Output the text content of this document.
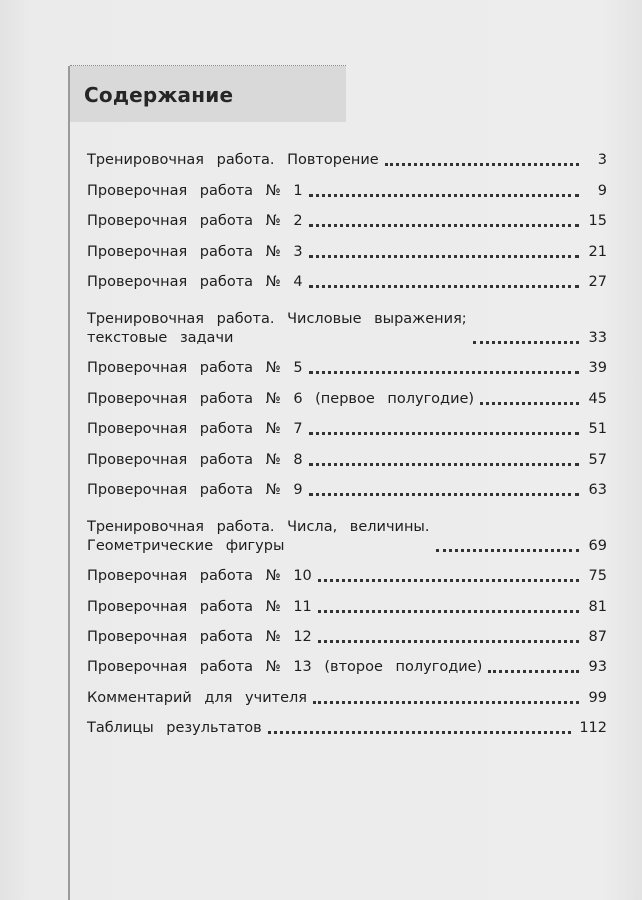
Содержание
Тренировочная работа. Повторение	3
Проверочная работа № 1	9
Проверочная работа № 2	15
Проверочная работа № 3	21
Проверочная работа № 4	27
Тренировочная работа. Числовые выражения;
текстовые задачи	33
Проверочная работа № 5	39
Проверочная работа № 6 (первое полугодие)	45
Проверочная работа № 7	51
Проверочная работа № 8	57
Проверочная работа № 9	63
Тренировочная работа. Числа, величины.
Геометрические фигуры	69
Проверочная работа № 10	75
Проверочная работа № 11	81
Проверочная работа № 12	87
Проверочная работа № 13 (второе полугодие)	93
Комментарий для учителя	99
Таблицы результатов	112
